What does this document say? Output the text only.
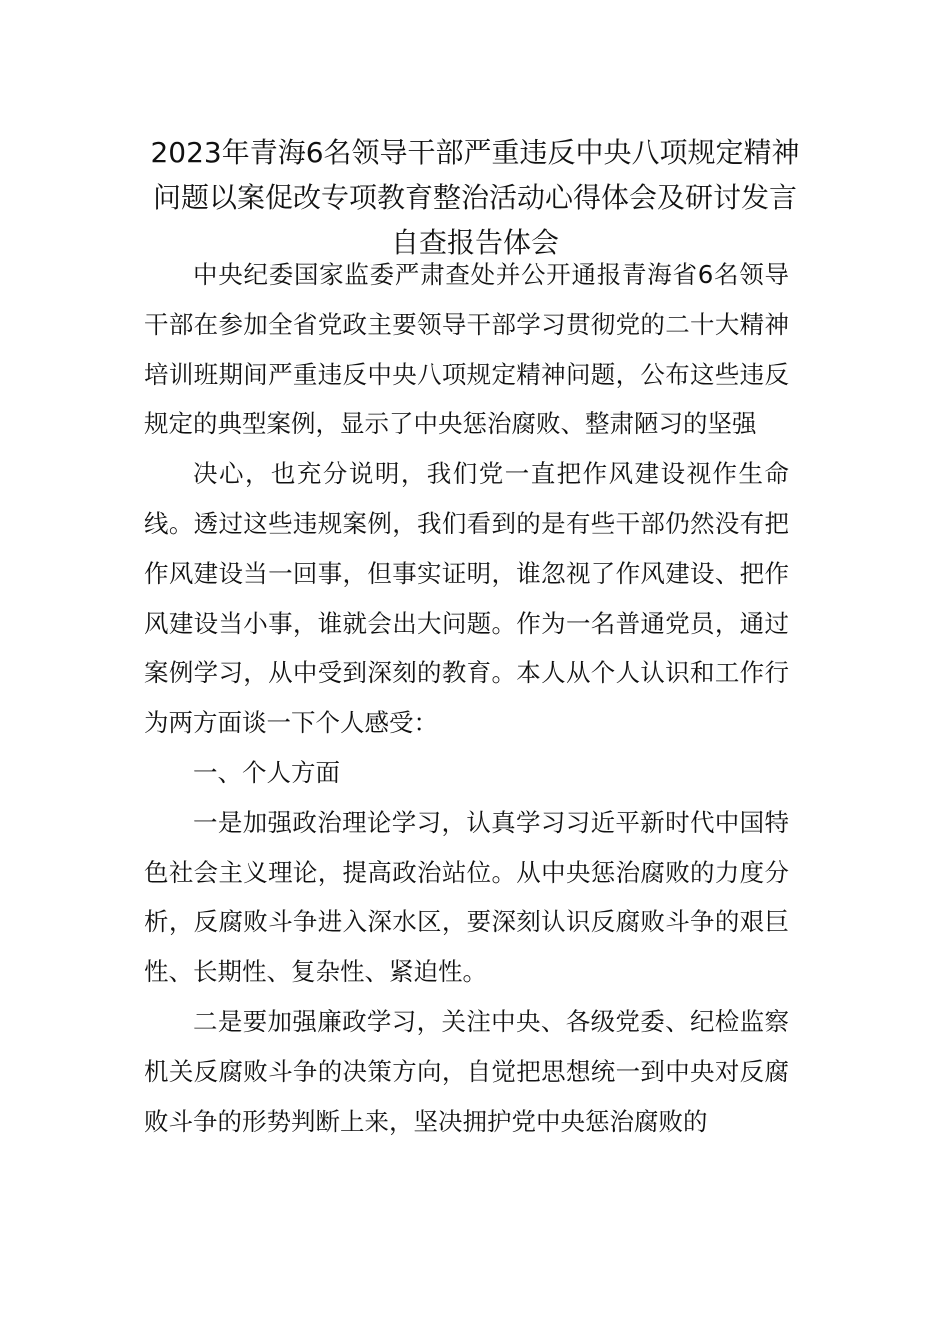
2023年青海6名领导干部严重违反中央八项规定精神问题以案促改专项教育整治活动心得体会及研讨发言自查报告体会

中央纪委国家监委严肃查处并公开通报青海省6名领导干部在参加全省党政主要领导干部学习贯彻党的二十大精神培训班期间严重违反中央八项规定精神问题，公布这些违反规定的典型案例，显示了中央惩治腐败、整肃陋习的坚强

决心，也充分说明，我们党一直把作风建设视作生命线。透过这些违规案例，我们看到的是有些干部仍然没有把作风建设当一回事，但事实证明，谁忽视了作风建设、把作风建设当小事，谁就会出大问题。作为一名普通党员，通过案例学习，从中受到深刻的教育。本人从个人认识和工作行为两方面谈一下个人感受：

一、个人方面

一是加强政治理论学习，认真学习习近平新时代中国特色社会主义理论，提高政治站位。从中央惩治腐败的力度分析，反腐败斗争进入深水区，要深刻认识反腐败斗争的艰巨性、长期性、复杂性、紧迫性。

二是要加强廉政学习，关注中央、各级党委、纪检监察机关反腐败斗争的决策方向，自觉把思想统一到中央对反腐败斗争的形势判断上来，坚决拥护党中央惩治腐败的
